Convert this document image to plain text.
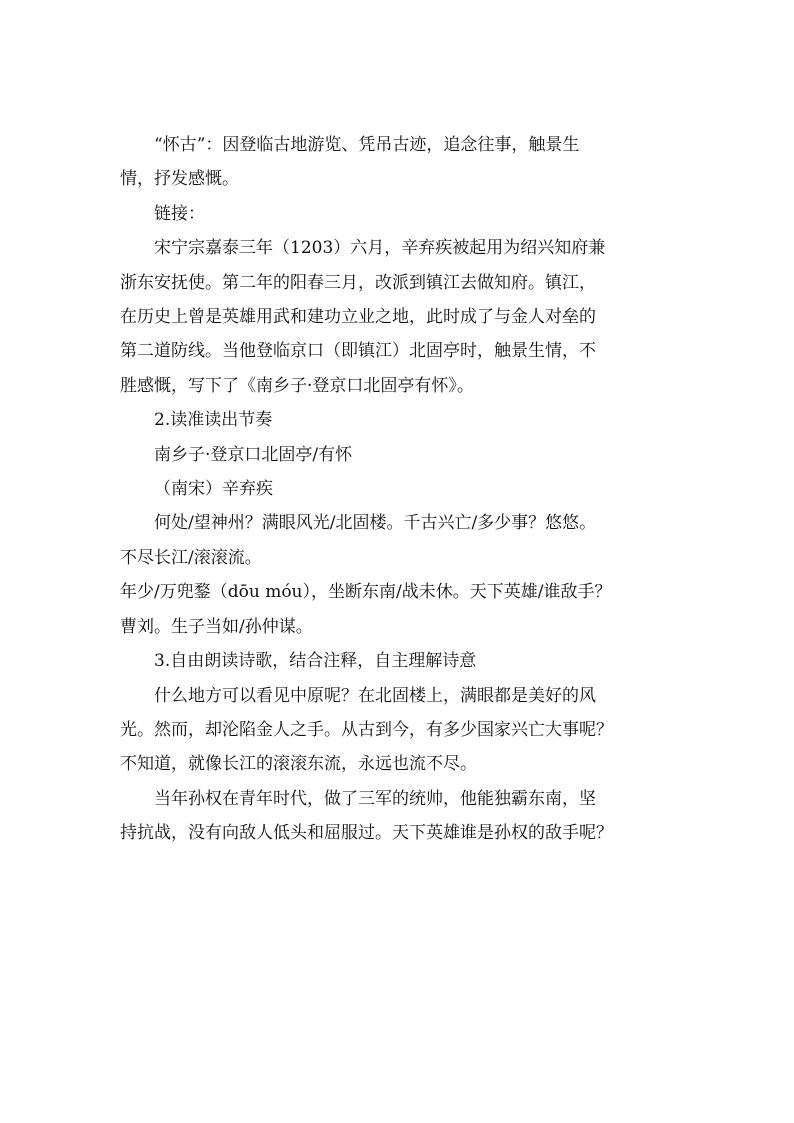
“怀古”：因登临古地游览、凭吊古迹，追念往事，触景生
情，抒发感慨。

链接：

宋宁宗嘉泰三年（1203）六月，辛弃疾被起用为绍兴知府兼
浙东安抚使。第二年的阳春三月，改派到镇江去做知府。镇江，
在历史上曾是英雄用武和建功立业之地，此时成了与金人对垒的
第二道防线。当他登临京口（即镇江）北固亭时，触景生情，不
胜感慨，写下了《南乡子·登京口北固亭有怀》。

2.读准读出节奏

南乡子·登京口北固亭/有怀

（南宋）辛弃疾

何处/望神州？满眼风光/北固楼。千古兴亡/多少事？悠悠。
不尽长江/滚滚流。

年少/万兜鍪（dōu móu），坐断东南/战未休。天下英雄/谁敌手？
曹刘。生子当如/孙仲谋。

3.自由朗读诗歌，结合注释，自主理解诗意

什么地方可以看见中原呢？在北固楼上，满眼都是美好的风
光。然而，却沦陷金人之手。从古到今，有多少国家兴亡大事呢？
不知道，就像长江的滚滚东流，永远也流不尽。

当年孙权在青年时代，做了三军的统帅，他能独霸东南，坚
持抗战，没有向敌人低头和屈服过。天下英雄谁是孙权的敌手呢？
